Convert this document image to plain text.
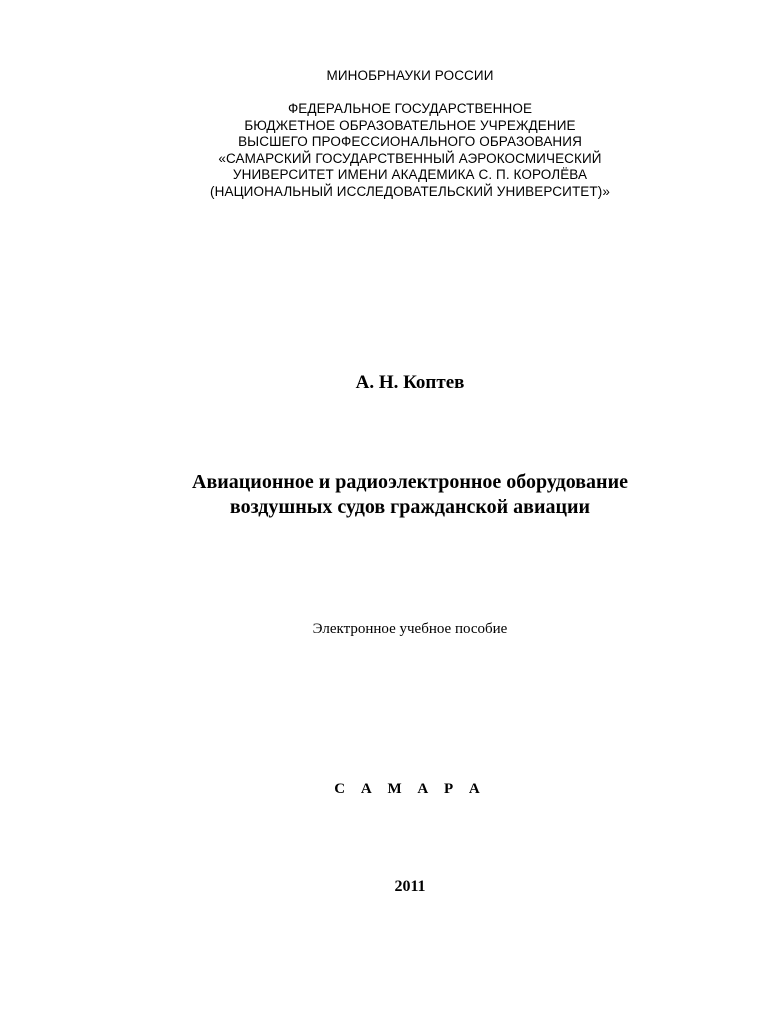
МИНОБРНАУКИ РОССИИ
ФЕДЕРАЛЬНОЕ ГОСУДАРСТВЕННОЕ
БЮДЖЕТНОЕ ОБРАЗОВАТЕЛЬНОЕ УЧРЕЖДЕНИЕ
ВЫСШЕГО ПРОФЕССИОНАЛЬНОГО ОБРАЗОВАНИЯ
«САМАРСКИЙ ГОСУДАРСТВЕННЫЙ АЭРОКОСМИЧЕСКИЙ
УНИВЕРСИТЕТ ИМЕНИ АКАДЕМИКА С. П. КОРОЛЁВА
(НАЦИОНАЛЬНЫЙ ИССЛЕДОВАТЕЛЬСКИЙ УНИВЕРСИТЕТ)»
А. Н. Коптев
Авиационное и радиоэлектронное оборудование
воздушных судов гражданской авиации
Электронное учебное пособие
С А М А Р А
2011
